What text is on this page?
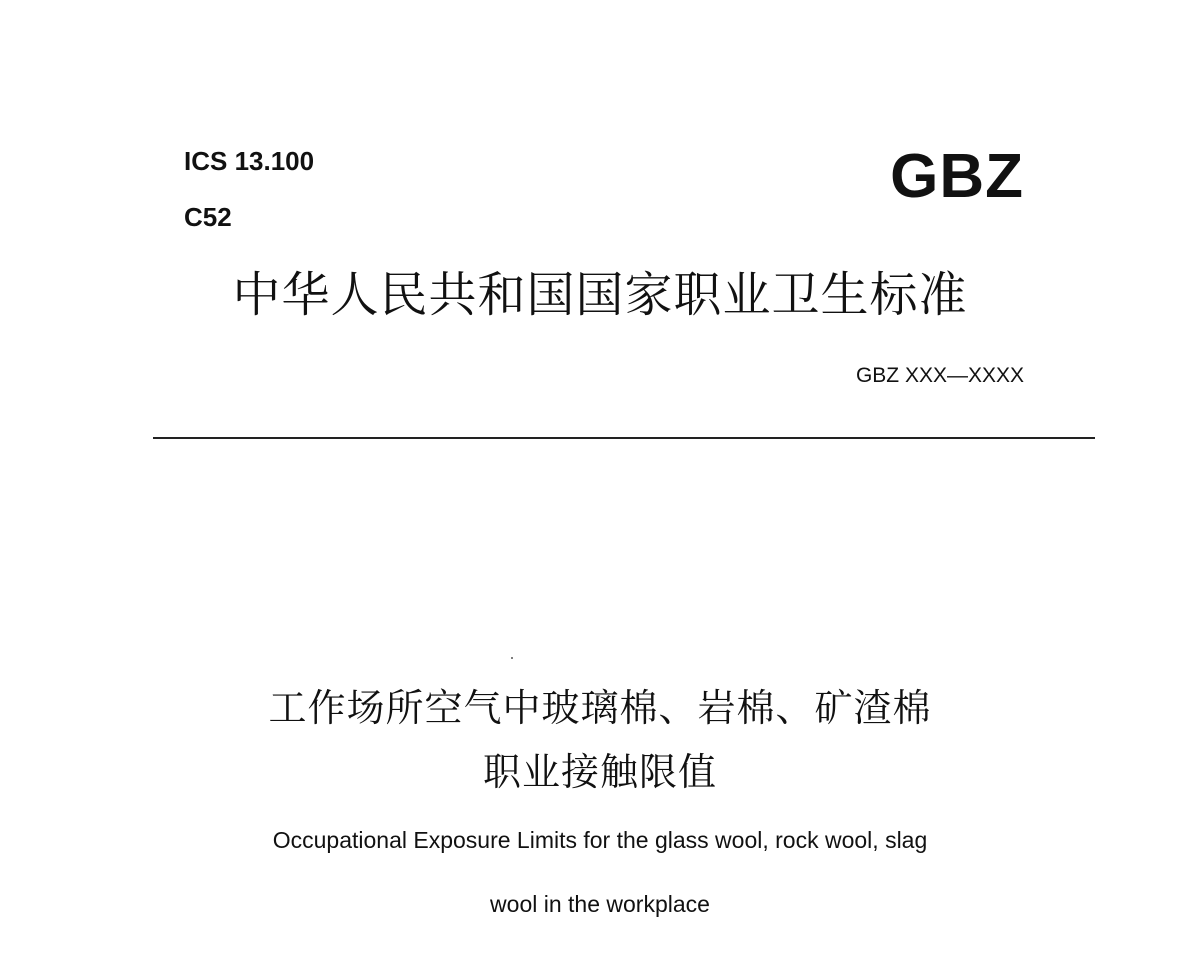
ICS 13.100
C52
GBZ
中华人民共和国国家职业卫生标准
GBZ XXX—XXXX
工作场所空气中玻璃棉、岩棉、矿渣棉
职业接触限值
Occupational Exposure Limits for the glass wool, rock wool, slag
wool in the workplace
